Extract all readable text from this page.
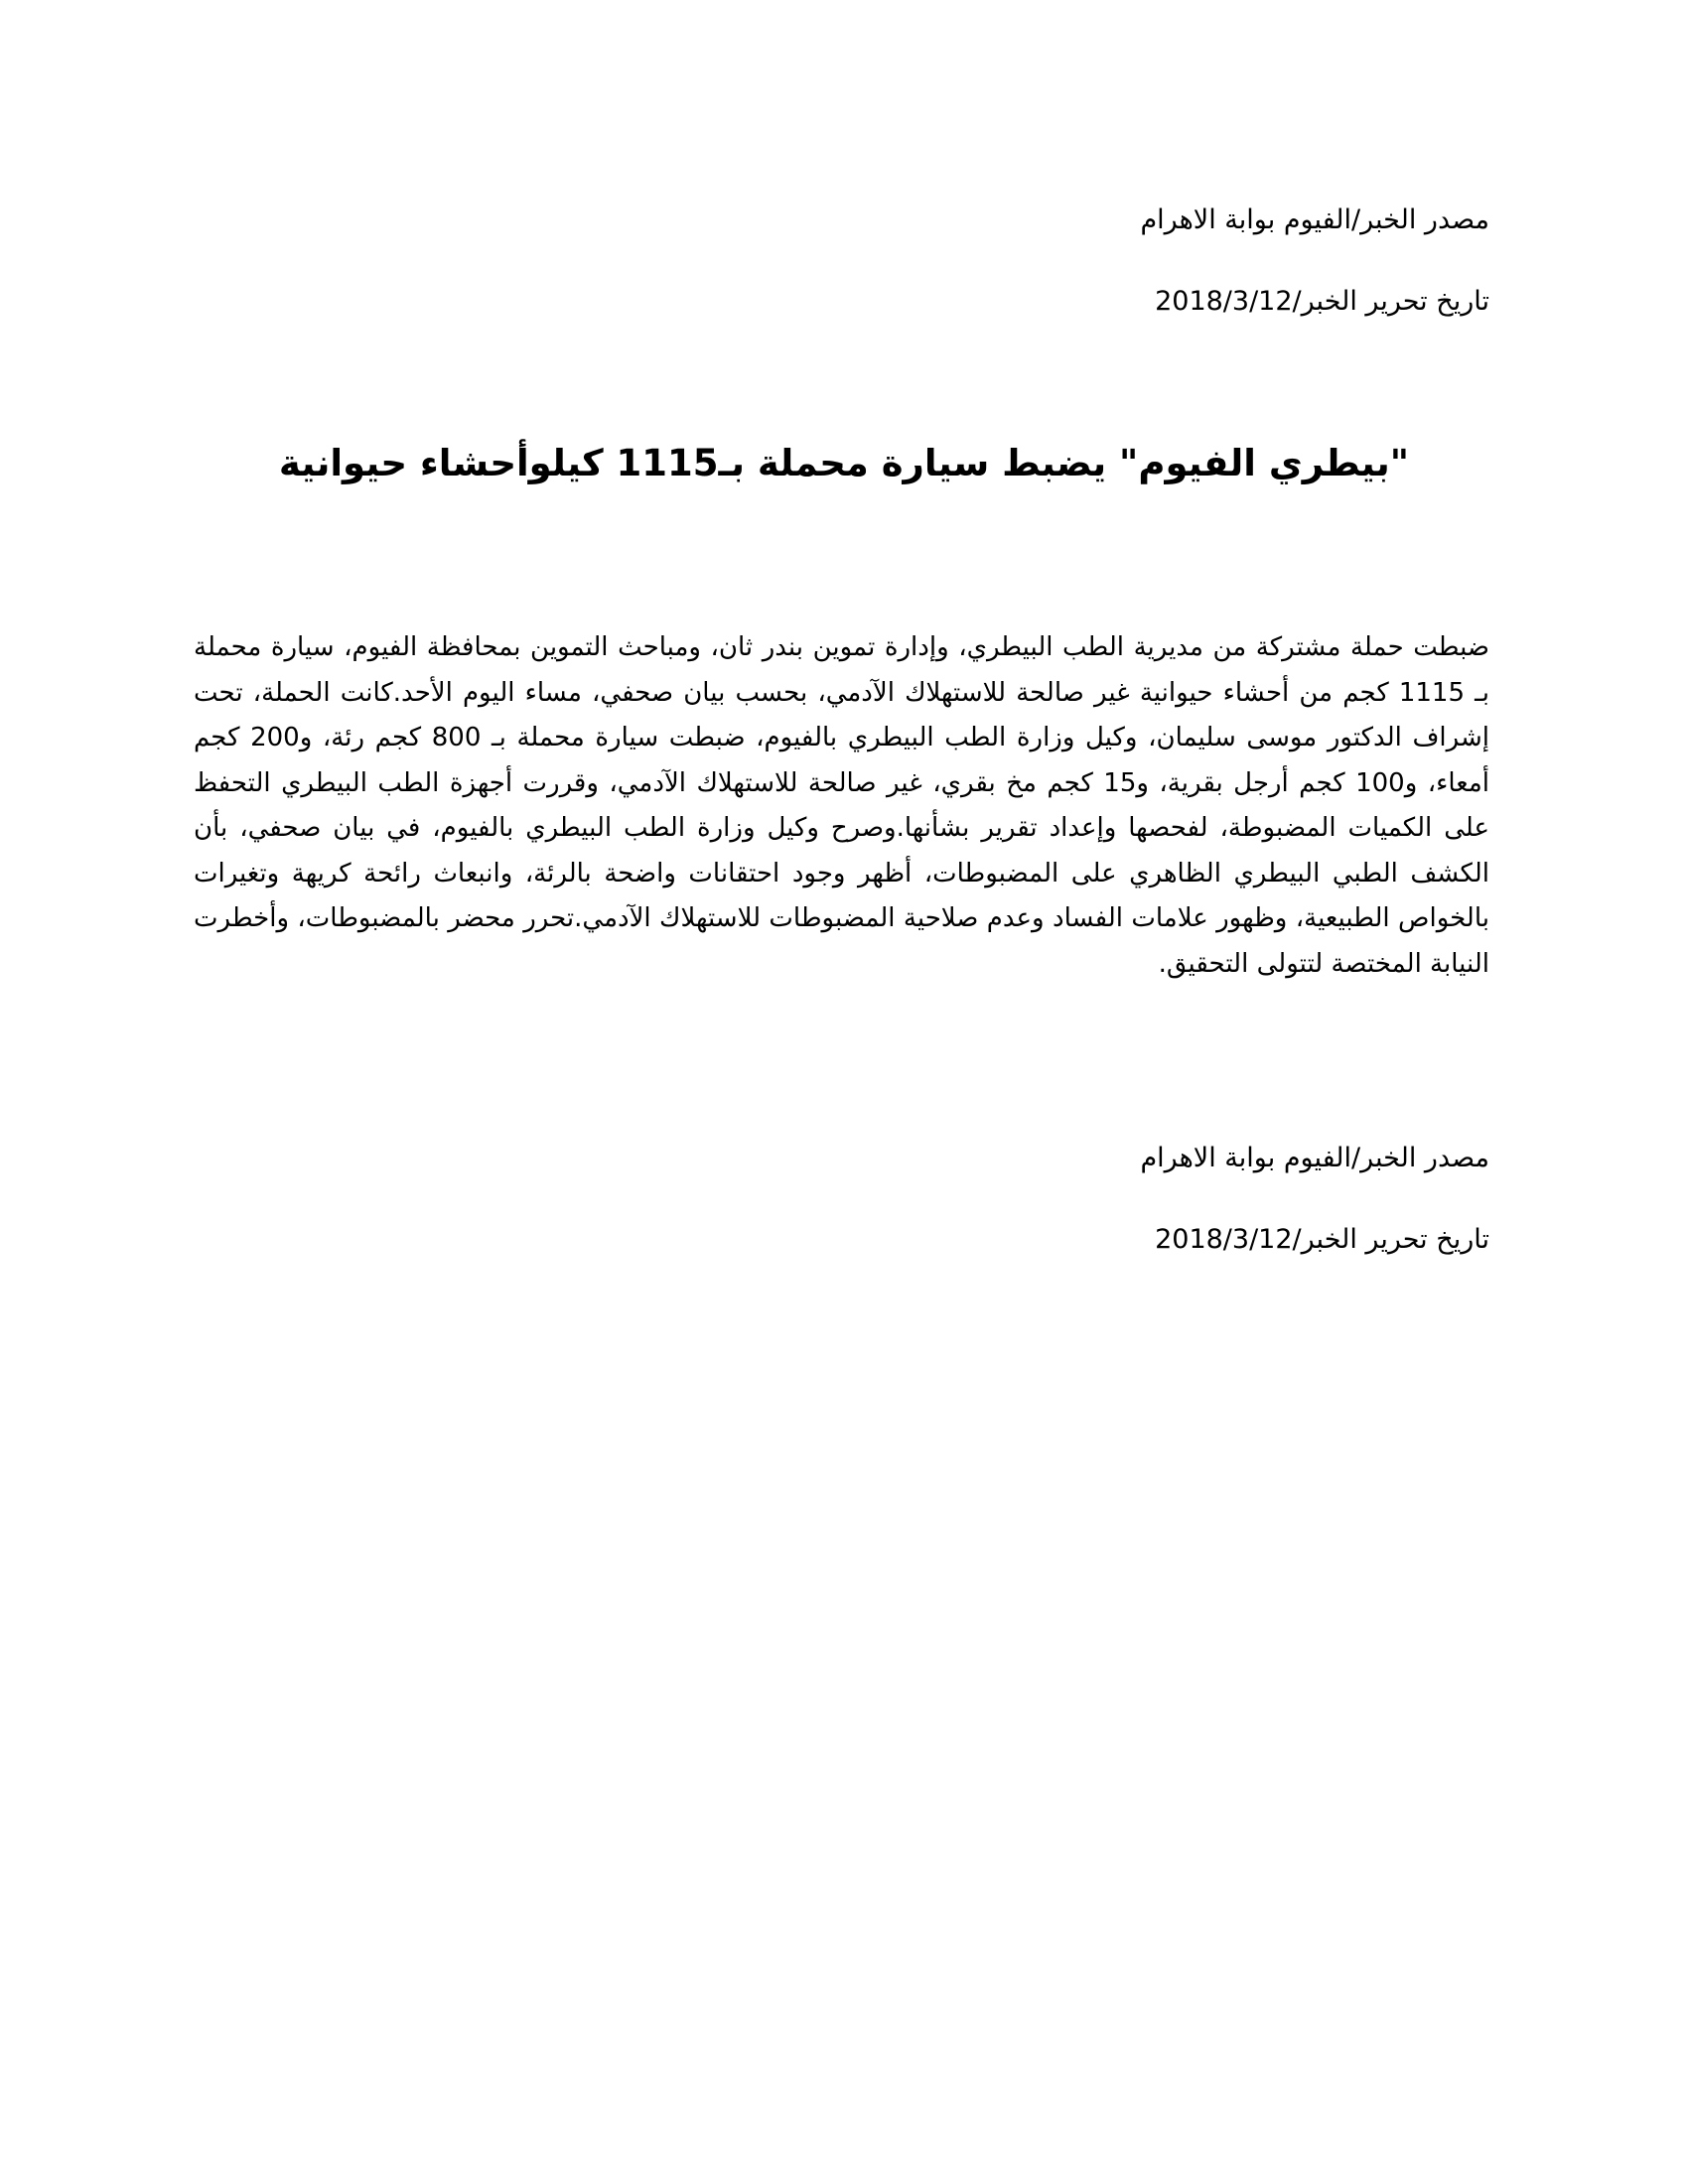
مصدر الخبر/الفيوم بوابة الاهرام
تاريخ تحرير الخبر/2018/3/12
"بيطري الفيوم" يضبط سيارة محملة بـ1115 كيلوأحشاء حيوانية

ضبطت حملة مشتركة من مديرية الطب البيطري، وإدارة تموين بندر ثان، ومباحث التموين بمحافظة الفيوم، سيارة محملة بـ 1115 كجم من أحشاء حيوانية غير صالحة للاستهلاك الآدمي، بحسب بيان صحفي، مساء اليوم الأحد.كانت الحملة، تحت إشراف الدكتور موسى سليمان، وكيل وزارة الطب البيطري بالفيوم، ضبطت سيارة محملة بـ 800 كجم رئة، و200 كجم أمعاء، و100 كجم أرجل بقرية، و15 كجم مخ بقري، غير صالحة للاستهلاك الآدمي، وقررت أجهزة الطب البيطري التحفظ على الكميات المضبوطة، لفحصها وإعداد تقرير بشأنها.وصرح وكيل وزارة الطب البيطري بالفيوم، في بيان صحفي، بأن الكشف الطبي البيطري الظاهري على المضبوطات، أظهر وجود احتقانات واضحة بالرئة، وانبعاث رائحة كريهة وتغيرات بالخواص الطبيعية، وظهور علامات الفساد وعدم صلاحية المضبوطات للاستهلاك الآدمي.تحرر محضر بالمضبوطات، وأخطرت النيابة المختصة لتتولى التحقيق.

مصدر الخبر/الفيوم بوابة الاهرام
تاريخ تحرير الخبر/2018/3/12
